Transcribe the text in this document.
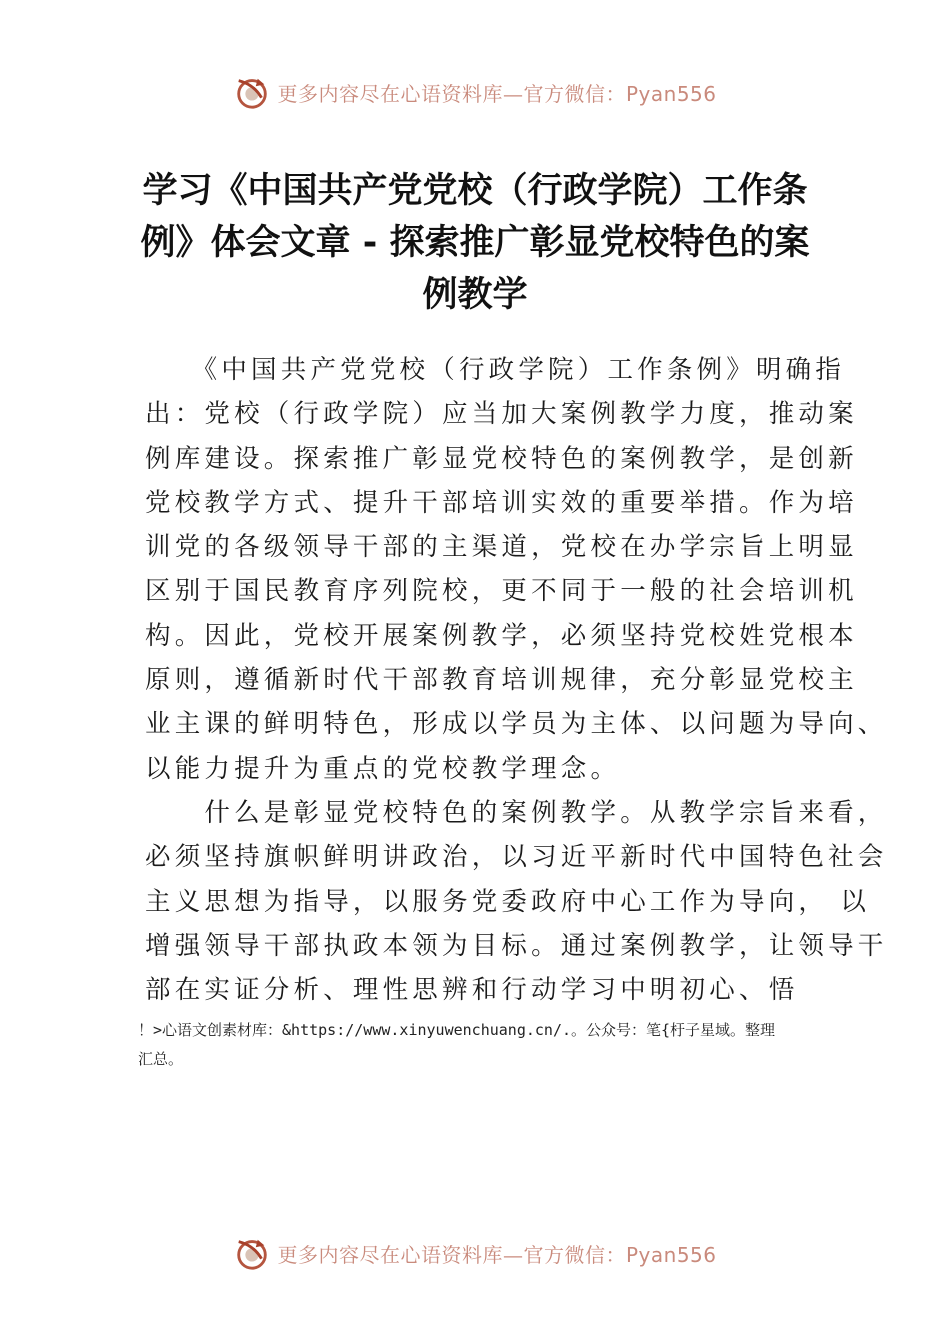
更多内容尽在心语资料库—官方微信：Pyan556
学习《中国共产党党校（行政学院）工作条
例》体会文章 - 探索推广彰显党校特色的案
例教学
　　《中国共产党党校（行政学院）工作条例》明确指
出：党校（行政学院）应当加大案例教学力度，推动案
例库建设。探索推广彰显党校特色的案例教学，是创新
党校教学方式、提升干部培训实效的重要举措。作为培
训党的各级领导干部的主渠道，党校在办学宗旨上明显
区别于国民教育序列院校，更不同于一般的社会培训机
构。因此，党校开展案例教学，必须坚持党校姓党根本
原则，遵循新时代干部教育培训规律，充分彰显党校主
业主课的鲜明特色，形成以学员为主体、以问题为导向、
以能力提升为重点的党校教学理念。
　　什么是彰显党校特色的案例教学。从教学宗旨来看，
必须坚持旗帜鲜明讲政治，以习近平新时代中国特色社会
主义思想为指导，以服务党委政府中心工作为导向， 以
增强领导干部执政本领为目标。通过案例教学，让领导干
部在实证分析、理性思辨和行动学习中明初心、悟
！>心语文创素材库：&https://www.xinyuwenchuang.cn/.。公众号：笔{杅子星域。整理
汇总。
更多内容尽在心语资料库—官方微信：Pyan556
